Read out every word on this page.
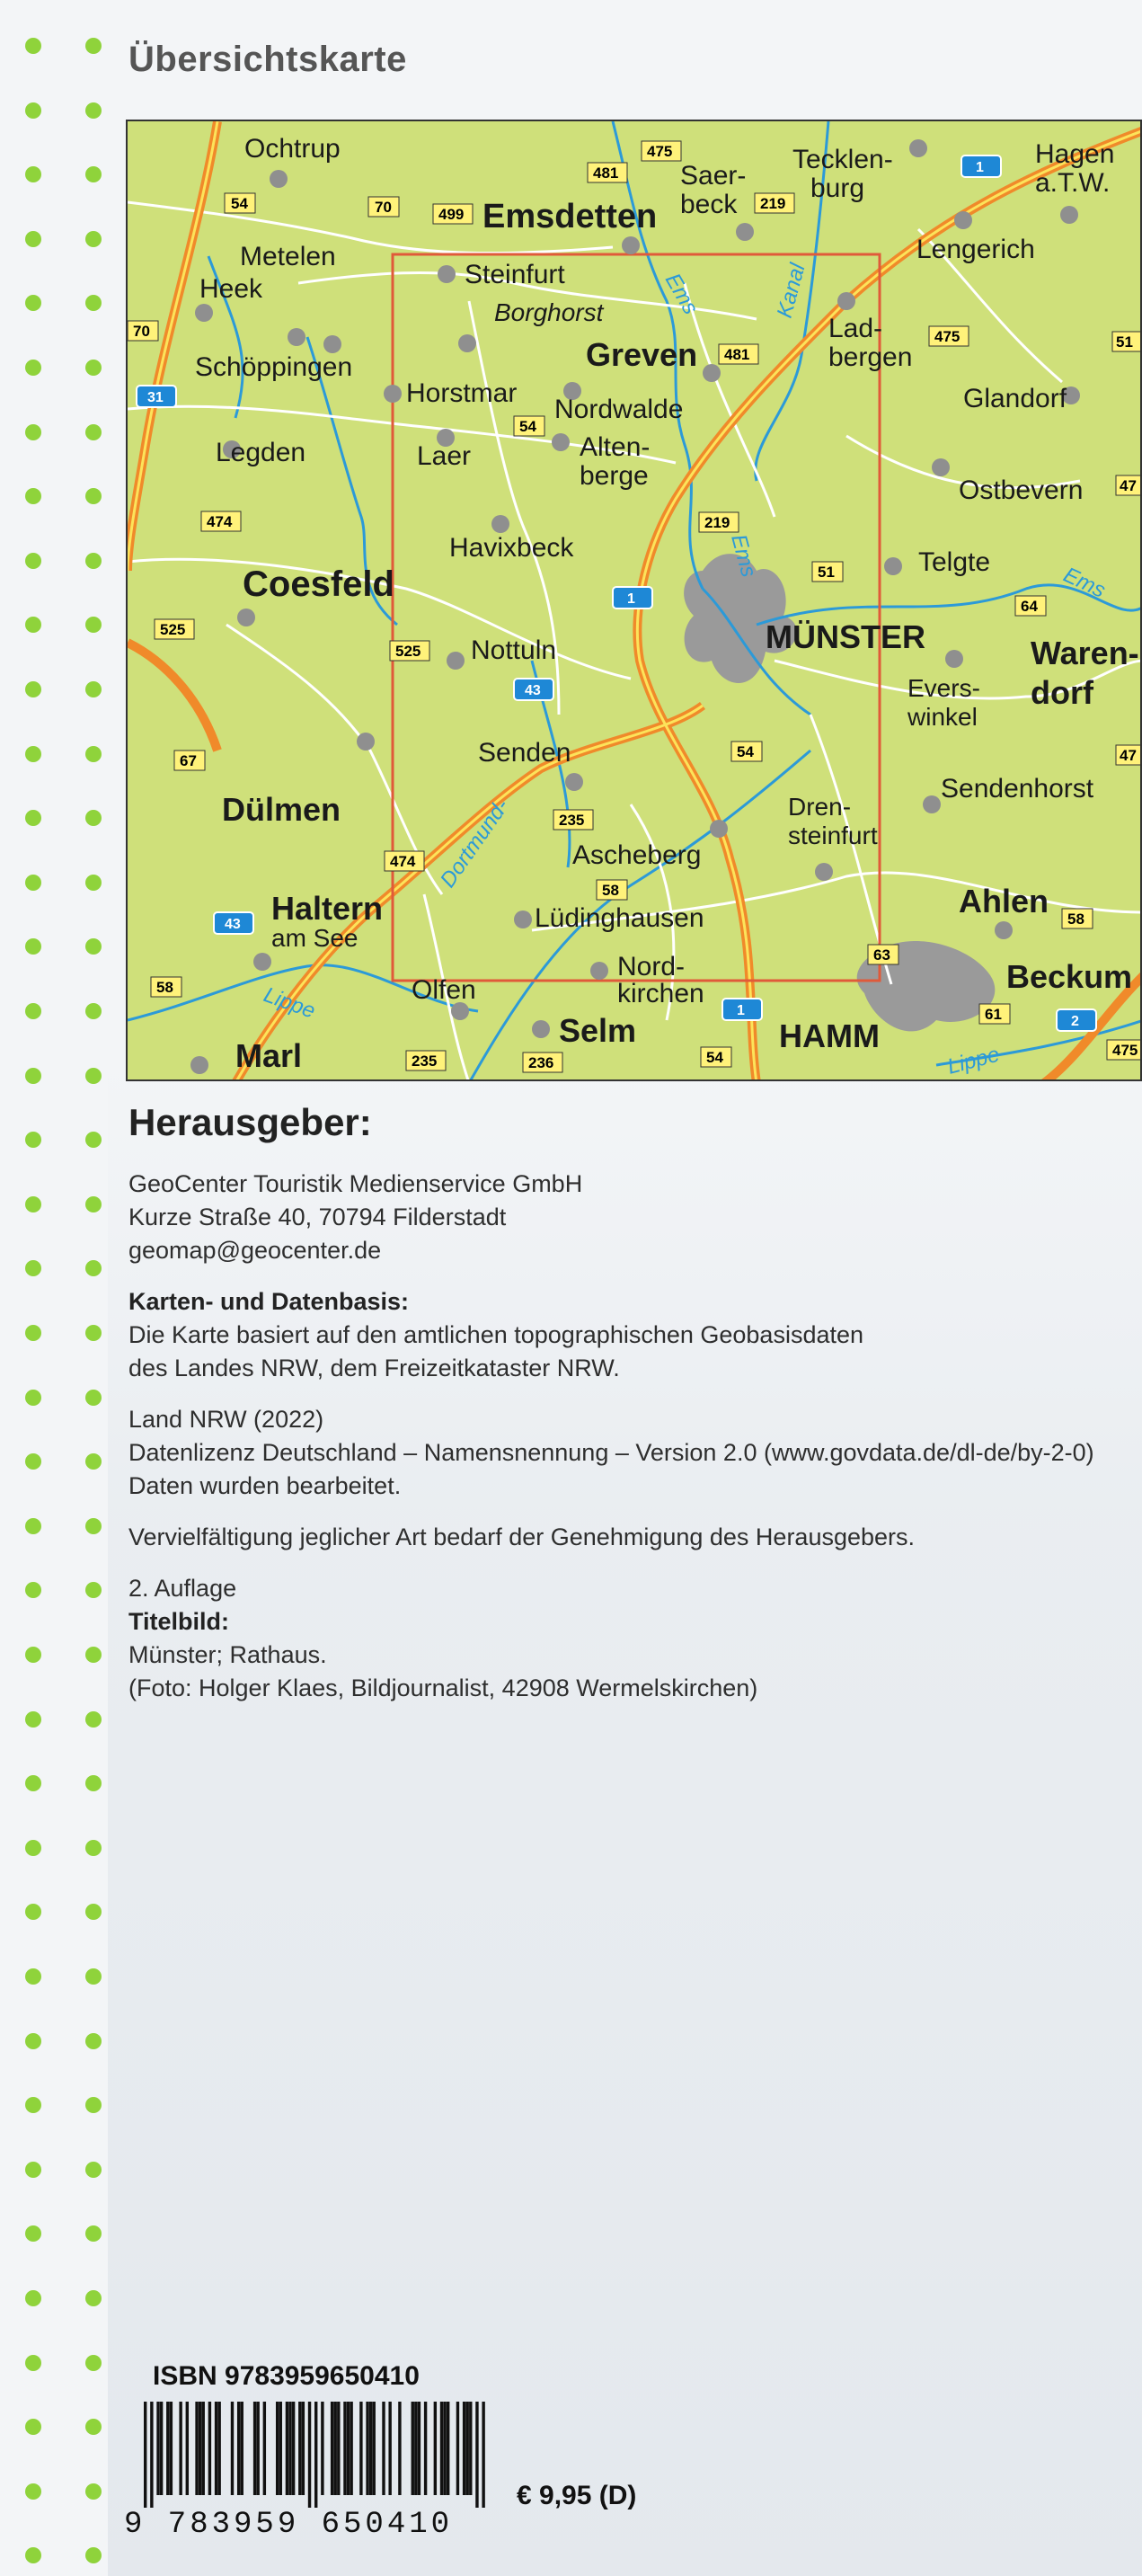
Übersichtskarte
54	70	499
481
475
219
481
70
54
475
474	219
51
525
525
64
67
54
474
235
58
58
63
61
58
235	236	54	475
51
47
47
1
31
1
43
43
1
2
Ochtrup
Metelen
Heek
Schöppingen
Legden
Coesfeld
Dülmen
Haltern
am See
Marl
Emsdetten
Steinfurt
Borghorst
Horstmar
Laer
Havixbeck
Nottuln
Senden
Ascheberg
Lüdinghausen
Olfen
Selm
Nord-
kirchen
HAMM
Saer-
beck
Greven
Nordwalde
Alten-
berge
MÜNSTER
Tecklen-
burg
Lad-
bergen
Lengerich
Hagen
a.T.W.
Glandorf
Ostbevern
Telgte
Evers-
winkel
Waren-
dorf
Sendenhorst
Dren-
steinfurt
Ahlen
Beckum
Ems	Kanal
Ems
Ems
Dortmund-
Lippe
Lippe
Herausgeber:
GeoCenter Touristik Medienservice GmbH
Kurze Straße 40, 70794 Filderstadt
geomap@geocenter.de
Karten- und Datenbasis:
Die Karte basiert auf den amtlichen topographischen Geobasisdaten
des Landes NRW, dem Freizeitkataster NRW.
Land NRW (2022)
Datenlizenz Deutschland – Namensnennung – Version 2.0 (www.govdata.de/dl-de/by-2-0)
Daten wurden bearbeitet.
Vervielfältigung jeglicher Art bedarf der Genehmigung des Herausgebers.
2. Auflage
Titelbild:
Münster; Rathaus.
(Foto: Holger Klaes, Bildjournalist, 42908 Wermelskirchen)
ISBN 9783959650410
9 783959 650410
€ 9,95 (D)
